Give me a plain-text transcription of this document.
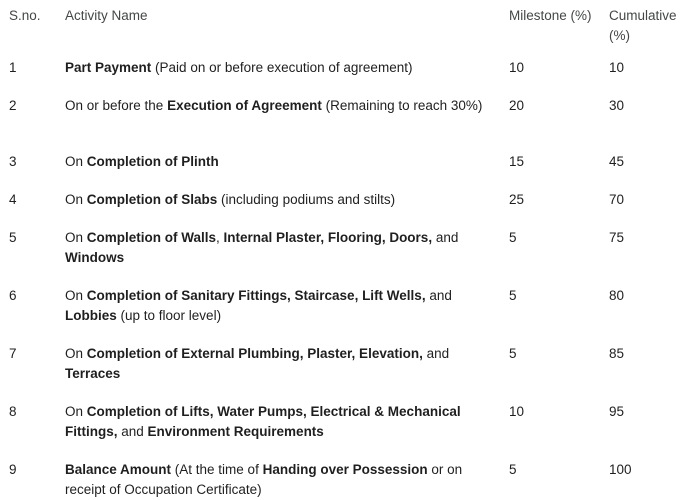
S.no.	Activity Name	Milestone (%)	Cumulative (%)
1	Part Payment (Paid on or before execution of agreement)	10	10
2	On or before the Execution of Agreement (Remaining to reach 30%)	20	30
3	On Completion of Plinth	15	45
4	On Completion of Slabs (including podiums and stilts)	25	70
5	On Completion of Walls, Internal Plaster, Flooring, Doors, and Windows	5	75
6	On Completion of Sanitary Fittings, Staircase, Lift Wells, and Lobbies (up to floor level)	5	80
7	On Completion of External Plumbing, Plaster, Elevation, and Terraces	5	85
8	On Completion of Lifts, Water Pumps, Electrical & Mechanical Fittings, and Environment Requirements	10	95
9	Balance Amount (At the time of Handing over Possession or on receipt of Occupation Certificate)	5	100
